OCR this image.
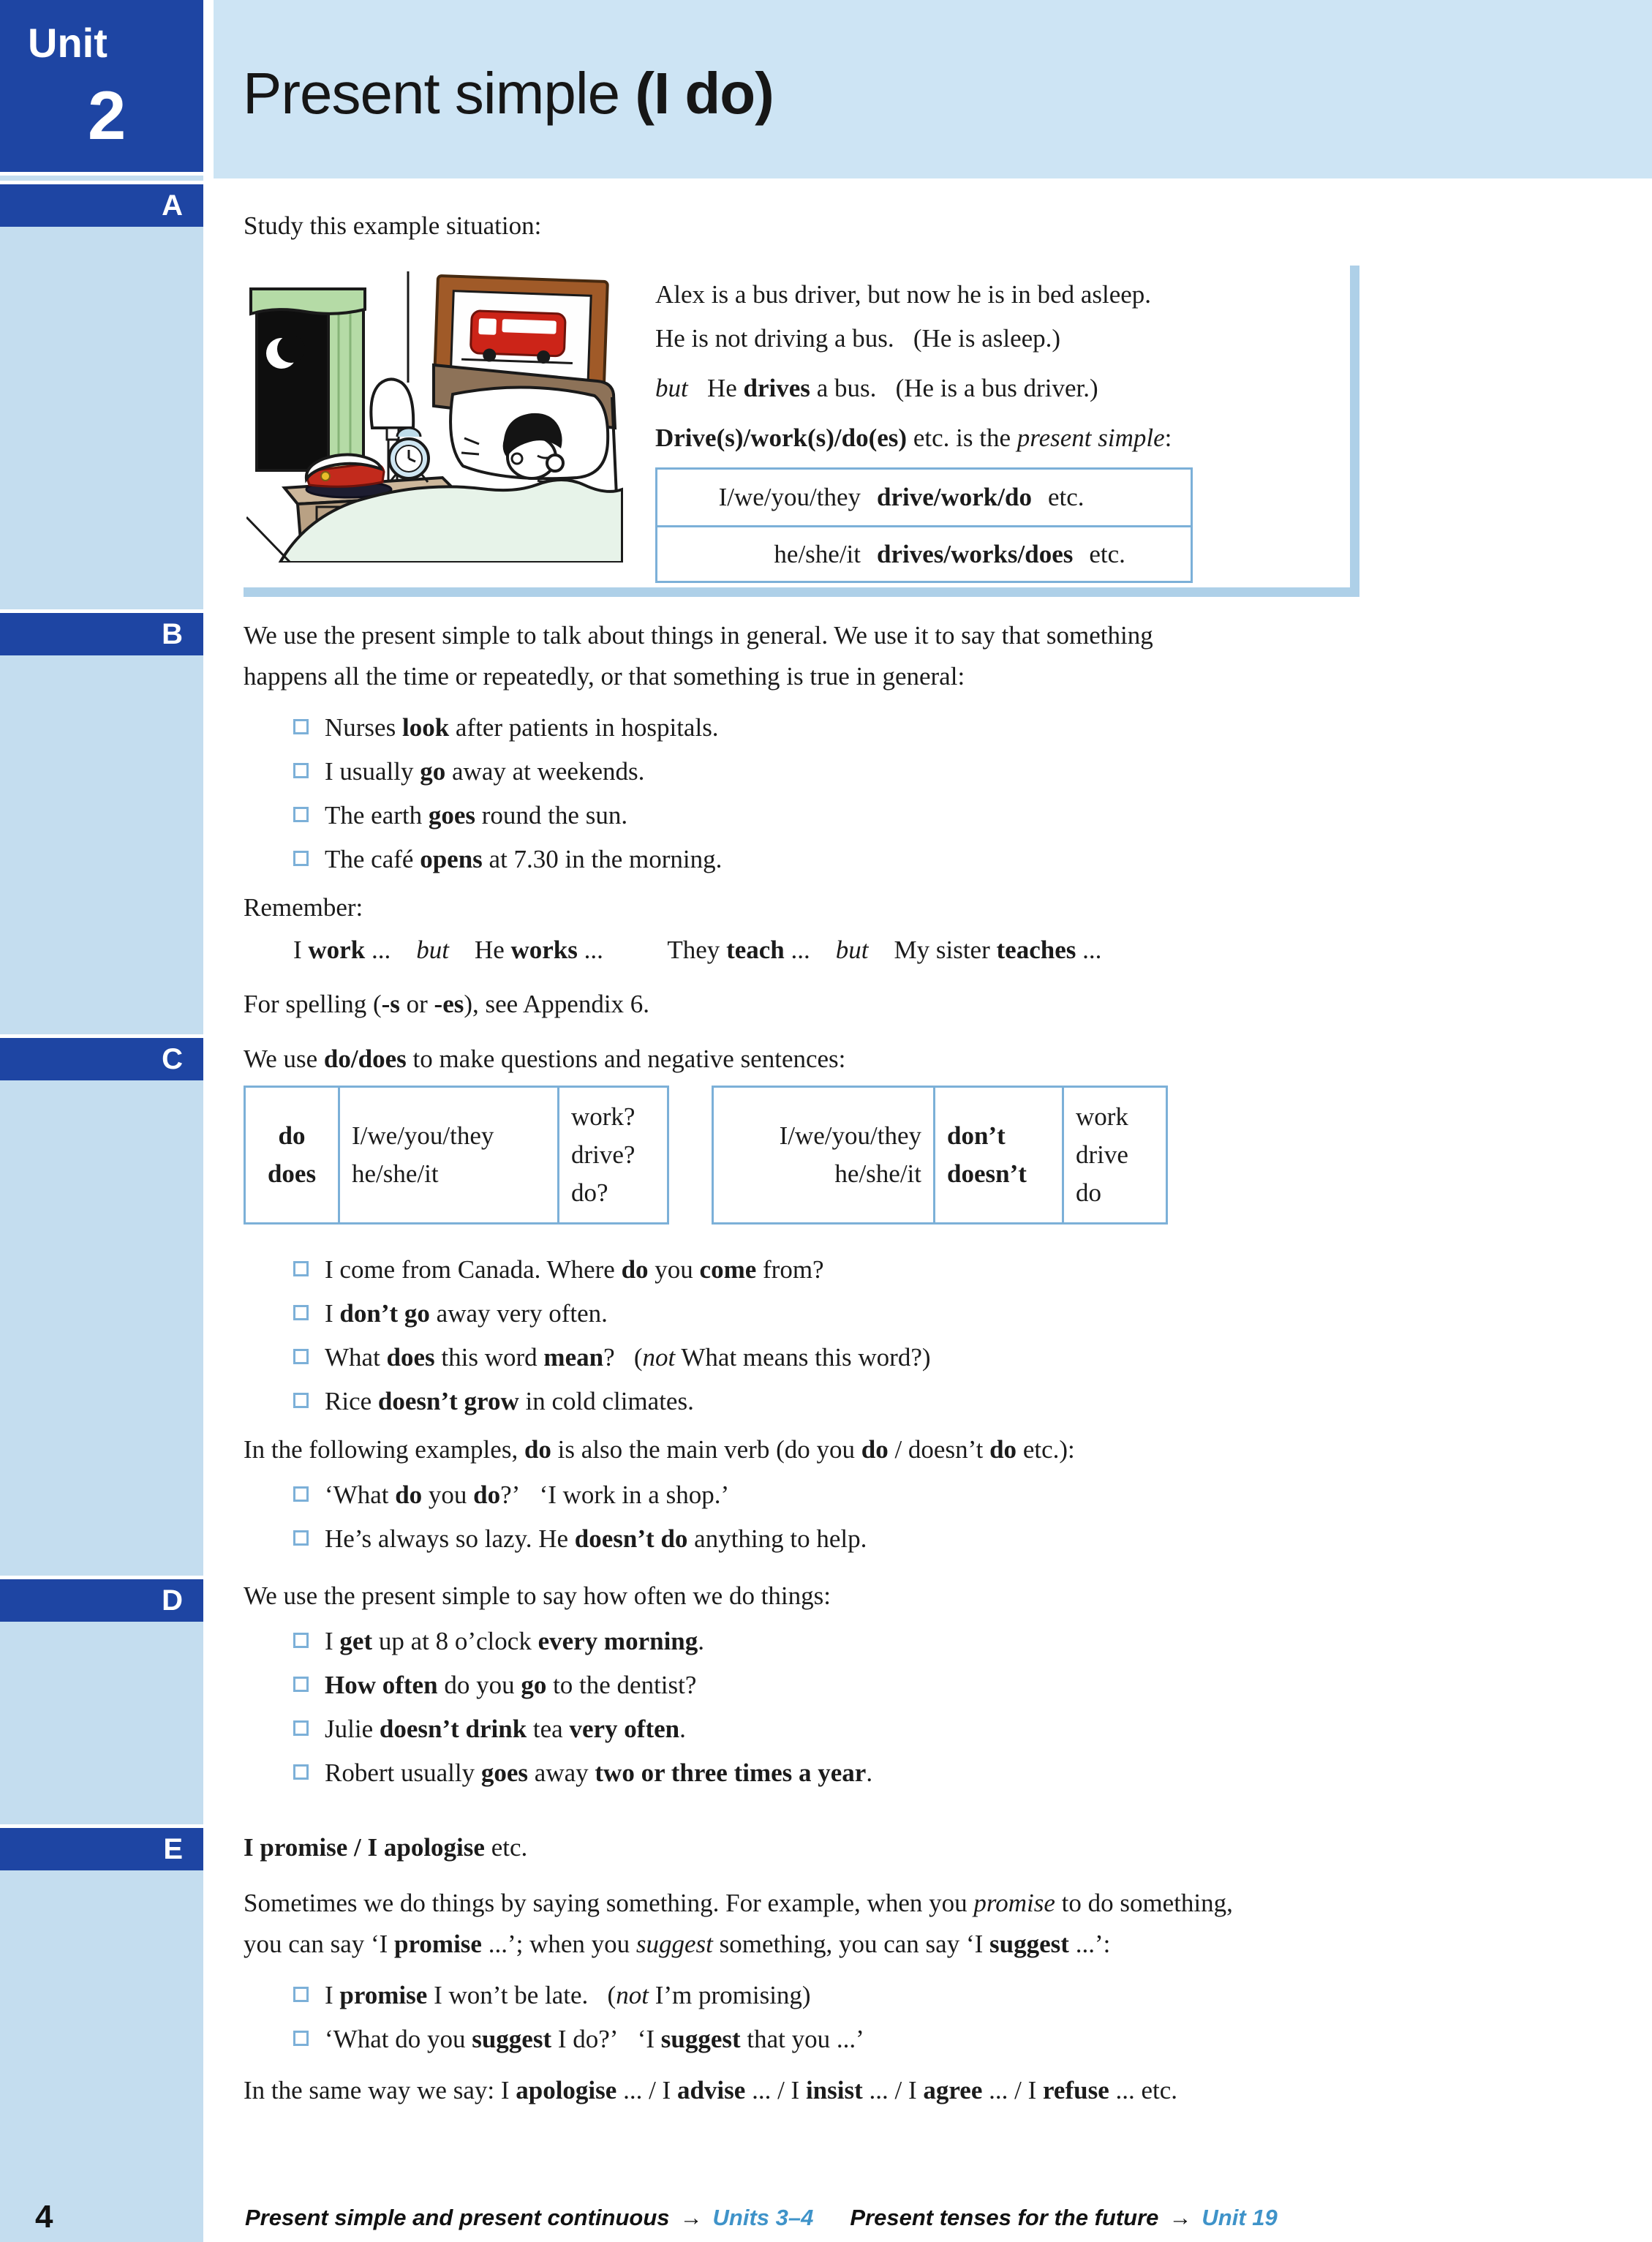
Unit
2 Present simple (I do)
A

Study this example situation:

Alex is a bus driver, but now he is in bed asleep.

He is not driving a bus.  (He is asleep.)

but  He drives a bus.  (He is a bus driver.)

Drive(s)/work(s)/do(es) etc. is the present simple:

I/we/you/they drive/work/do etc.
he/she/it drives/works/does etc.
B We use the present simple to talk about things in general. We use it to say that something
happens all the time or repeatedly, or that something is true in general:

Nurses look after patients in hospitals.
I usually go away at weekends.
The earth goes round the sun.
The café opens at 7.30 in the morning.

Remember:

I work ...  but  He works ...   They teach ...  but  My sister teaches ...

For spelling (-s or -es), see Appendix 6.

C We use do/does to make questions and negative sentences:

do
does
I/we/you/they
he/she/it
work?
drive?
do?
I/we/you/they
he/she/it
don’t
doesn’t
work
drive
do
I come from Canada. Where do you come from?
I don’t go away very often.
What does this word mean?  (not What means this word?)
Rice doesn’t grow in cold climates.

In the following examples, do is also the main verb (do you do / doesn’t do etc.):

‘What do you do?’  ‘I work in a shop.’
He’s always so lazy. He doesn’t do anything to help.
D We use the present simple to say how often we do things:

I get up at 8 o’clock every morning.
How often do you go to the dentist?
Julie doesn’t drink tea very often.
Robert usually goes away two or three times a year.
E I promise / I apologise etc.

Sometimes we do things by saying something. For example, when you promise to do something,
you can say ‘I promise ...’; when you suggest something, you can say ‘I suggest ...’:

I promise I won’t be late.  (not I’m promising)
‘What do you suggest I do?’  ‘I suggest that you ...’

In the same way we say: I apologise ... / I advise ... / I insist ... / I agree ... / I refuse ... etc.

4	Present simple and present continuous → Units 3–4 Present tenses for the future → Unit 19
